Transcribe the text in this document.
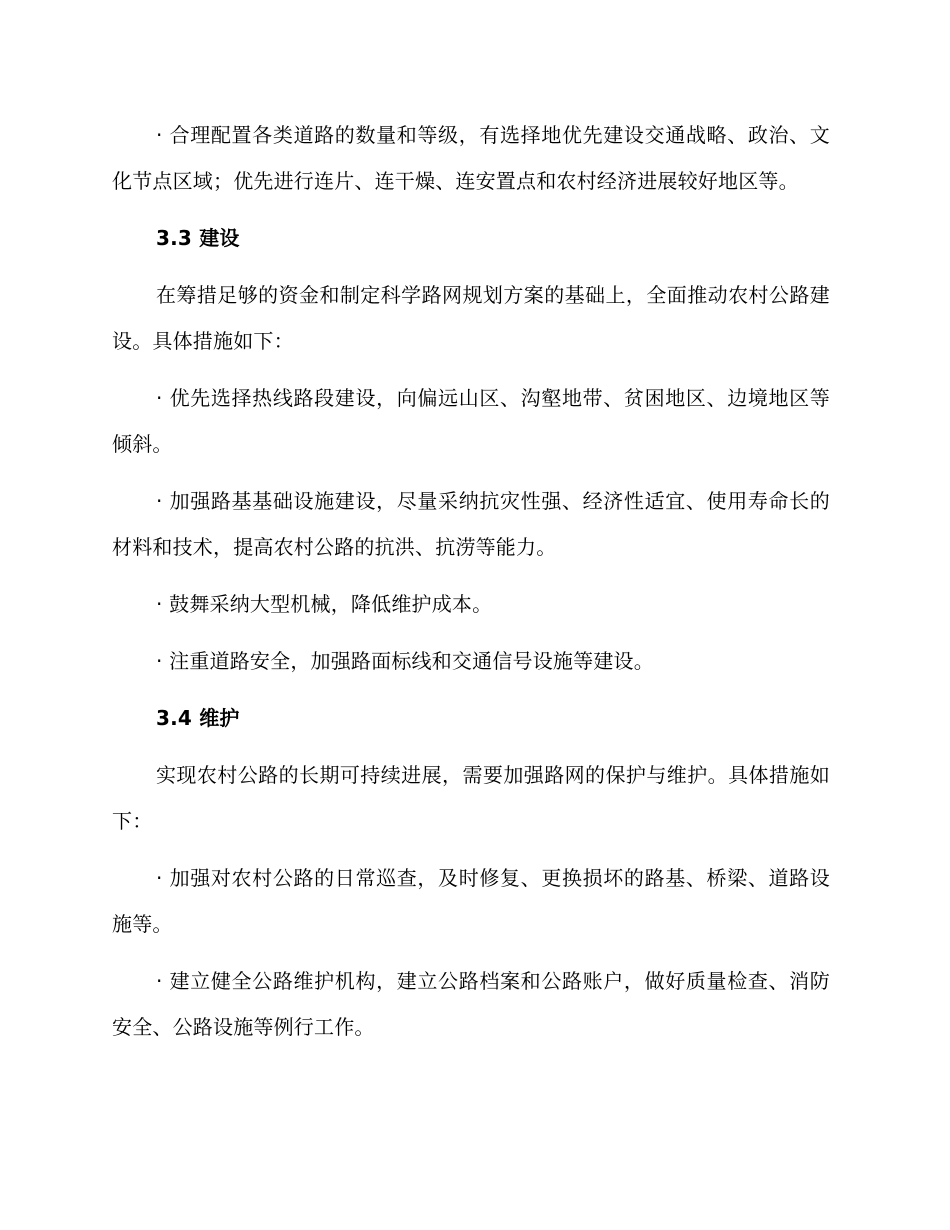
· 合理配置各类道路的数量和等级，有选择地优先建设交通战略、政治、文化节点区域；优先进行连片、连干燥、连安置点和农村经济进展较好地区等。

3.3 建设

在筹措足够的资金和制定科学路网规划方案的基础上，全面推动农村公路建设。具体措施如下：

· 优先选择热线路段建设，向偏远山区、沟壑地带、贫困地区、边境地区等倾斜。

· 加强路基基础设施建设，尽量采纳抗灾性强、经济性适宜、使用寿命长的材料和技术，提高农村公路的抗洪、抗涝等能力。

· 鼓舞采纳大型机械，降低维护成本。

· 注重道路安全，加强路面标线和交通信号设施等建设。

3.4 维护

实现农村公路的长期可持续进展，需要加强路网的保护与维护。具体措施如下：

· 加强对农村公路的日常巡查，及时修复、更换损坏的路基、桥梁、道路设施等。

· 建立健全公路维护机构，建立公路档案和公路账户，做好质量检查、消防安全、公路设施等例行工作。
